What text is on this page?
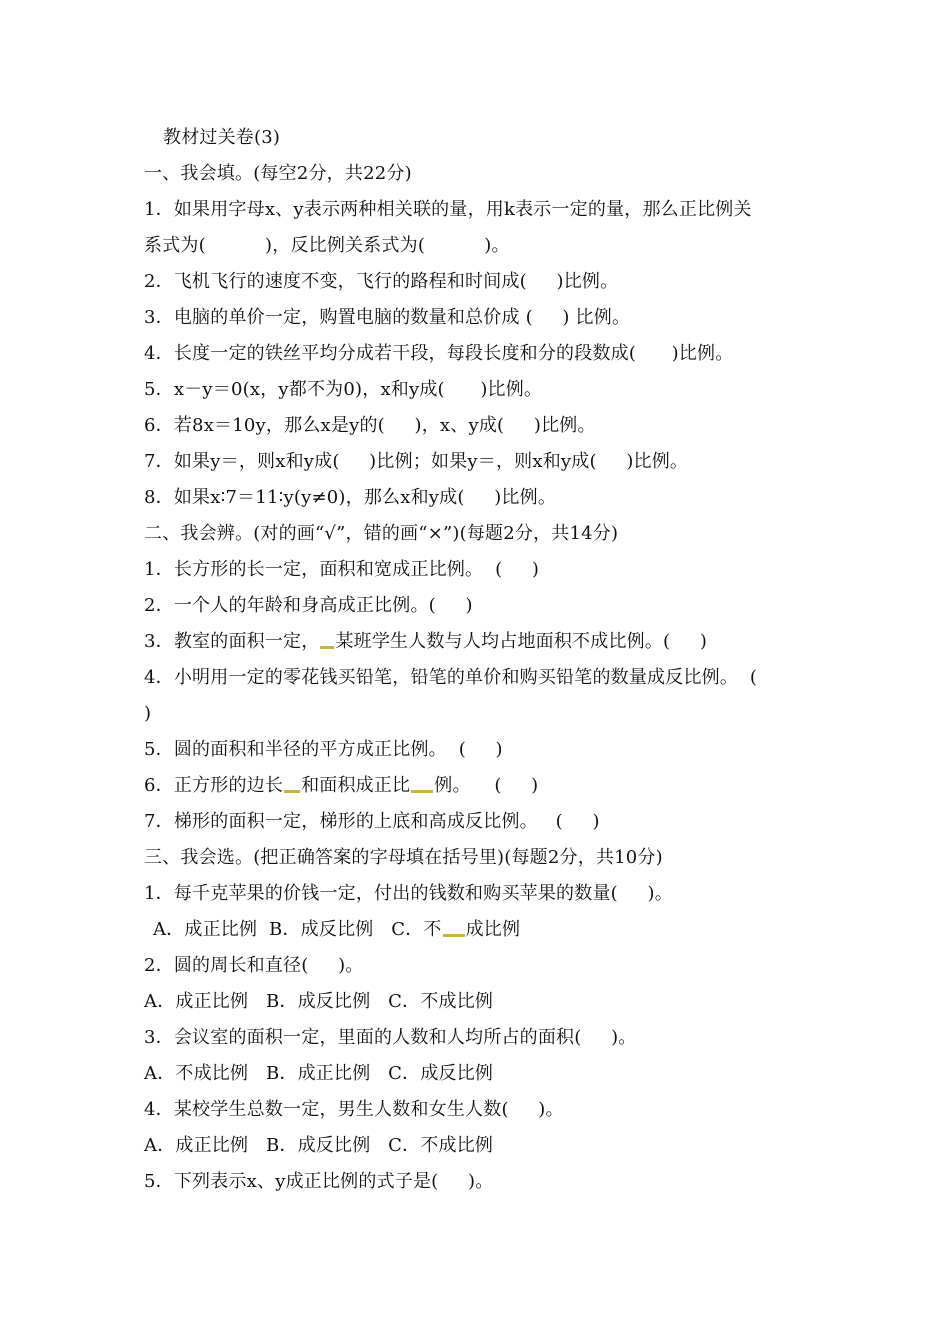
教材过关卷(3)
一、我会填。(每空2分，共22分)
1．如果用字母x、y表示两种相关联的量，用k表示一定的量，那么正比例关
系式为(          )，反比例关系式为(          )。
2．飞机飞行的速度不变，飞行的路程和时间成(     )比例。
3．电脑的单价一定，购置电脑的数量和总价成 (     ) 比例。
4．长度一定的铁丝平均分成若干段，每段长度和分的段数成(      )比例。
5．x－y＝0(x，y都不为0)，x和y成(      )比例。
6．若8x＝10y，那么x是y的(     )，x、y成(     )比例。
7．如果y＝，则x和y成(     )比例；如果y＝，则x和y成(     )比例。
8．如果x∶7＝11∶y(y≠0)，那么x和y成(     )比例。
二、我会辨。(对的画“√”，错的画“×”)(每题2分，共14分)
1．长方形的长一定，面积和宽成正比例。  (     )
2．一个人的年龄和身高成正比例。(     )
3．教室的面积一定， 某班学生人数与人均占地面积不成比例。(     )
4．小明用一定的零花钱买铅笔，铅笔的单价和购买铅笔的数量成反比例。  (
)
5．圆的面积和半径的平方成正比例。  (     )
6．正方形的边长 和面积成正比 例。    (     )
7．梯形的面积一定，梯形的上底和高成反比例。   (     )
三、我会选。(把正确答案的字母填在括号里)(每题2分，共10分)
1．每千克苹果的价钱一定，付出的钱数和购买苹果的数量(     )。
A．成正比例  B．成反比例   C．不 成比例
2．圆的周长和直径(     )。
A．成正比例   B．成反比例   C．不成比例
3．会议室的面积一定，里面的人数和人均所占的面积(     )。
A．不成比例   B．成正比例   C．成反比例
4．某校学生总数一定，男生人数和女生人数(     )。
A．成正比例   B．成反比例   C．不成比例
5．下列表示x、y成正比例的式子是(     )。
